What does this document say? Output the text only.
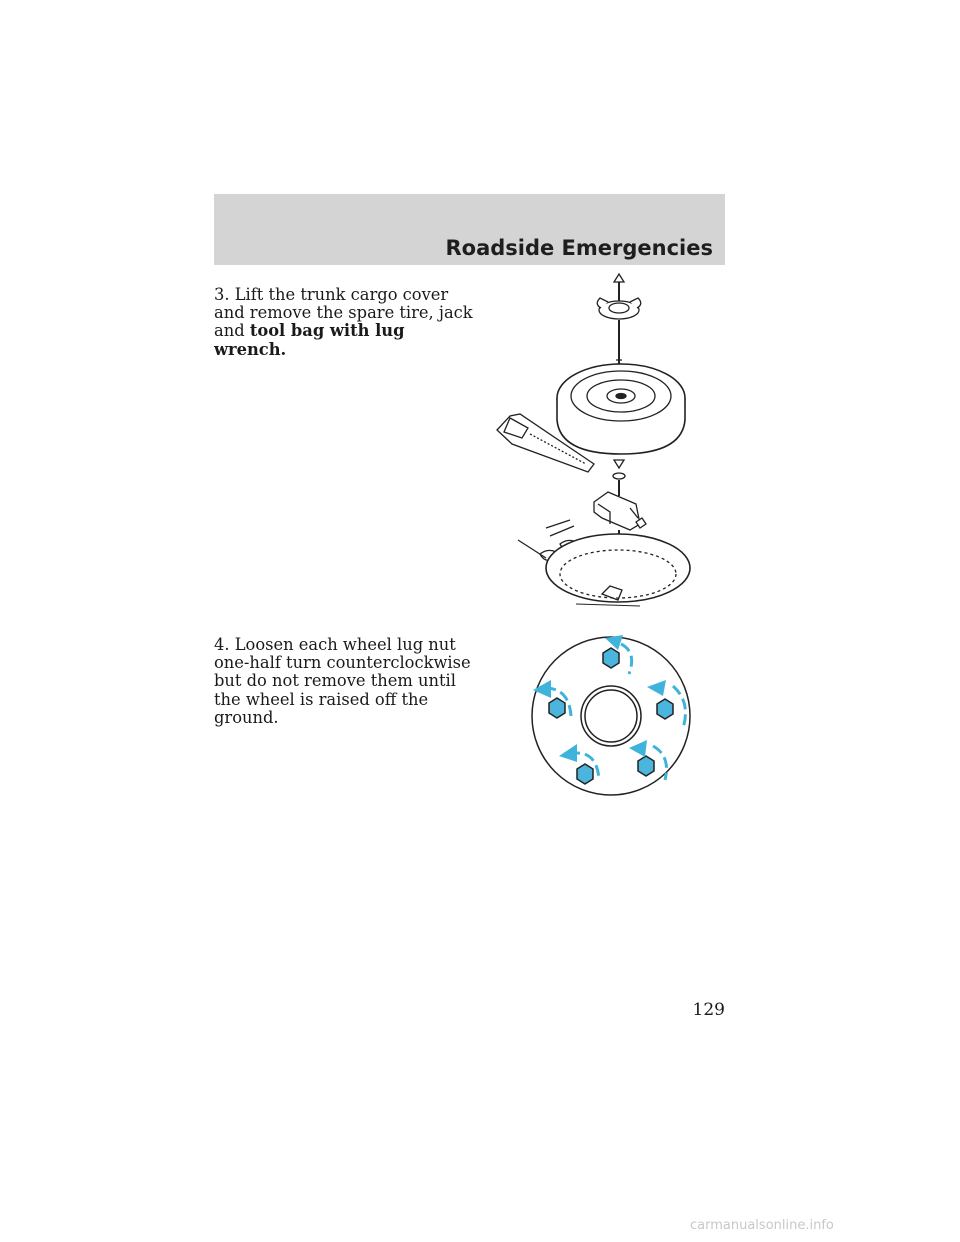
Roadside Emergencies
3. Lift the trunk cargo cover and remove the spare tire, jack and tool bag with lug wrench.
4. Loosen each wheel lug nut one-half turn counterclockwise but do not remove them until the wheel is raised off the ground.
129
carmanualsonline.info
